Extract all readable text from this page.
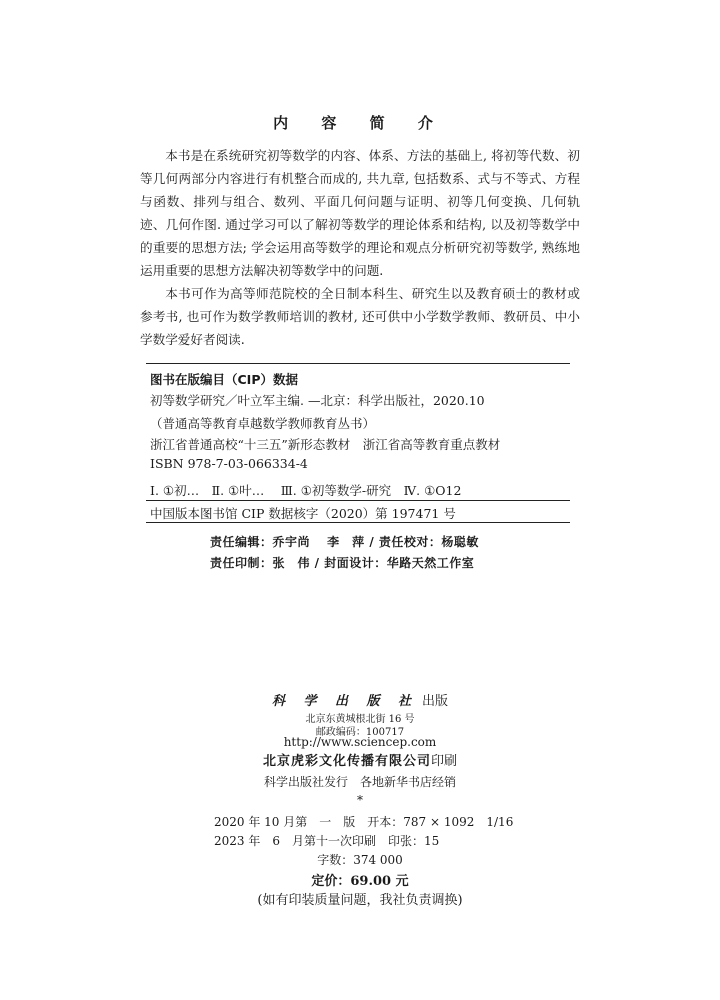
内 容 简 介

本书是在系统研究初等数学的内容、体系、方法的基础上, 将初等代数、初等几何两部分内容进行有机整合而成的, 共九章, 包括数系、式与不等式、方程与函数、排列与组合、数列、平面几何问题与证明、初等几何变换、几何轨迹、几何作图. 通过学习可以了解初等数学的理论体系和结构, 以及初等数学中的重要的思想方法; 学会运用高等数学的理论和观点分析研究初等数学, 熟练地运用重要的思想方法解决初等数学中的问题.

本书可作为高等师范院校的全日制本科生、研究生以及教育硕士的教材或参考书, 也可作为数学教师培训的教材, 还可供中小学数学教师、教研员、中小学数学爱好者阅读.

图书在版编目（CIP）数据
初等数学研究／叶立军主编. —北京：科学出版社，2020.10
（普通高等教育卓越数学教师教育丛书）
浙江省普通高校“十三五”新形态教材　浙江省高等教育重点教材
ISBN 978-7-03-066334-4
Ⅰ. ①初…　Ⅱ. ①叶…　 Ⅲ. ①初等数学-研究　Ⅳ. ①O12
中国版本图书馆 CIP 数据核字（2020）第 197471 号
责任编辑：乔宇尚　 李　萍 / 责任校对：杨聪敏
责任印制：张　伟 / 封面设计：华路天然工作室
科 学 出 版 社 出版
北京东黄城根北街 16 号
邮政编码：100717
http://www.sciencep.com
北京虎彩文化传播有限公司印刷
科学出版社发行　各地新华书店经销
*
2020 年 10 月第　一　版　开本：787 × 1092　1/16
2023 年　6　月第十一次印刷　印张：15
字数：374 000
定价：69.00 元
(如有印装质量问题，我社负责调换)
